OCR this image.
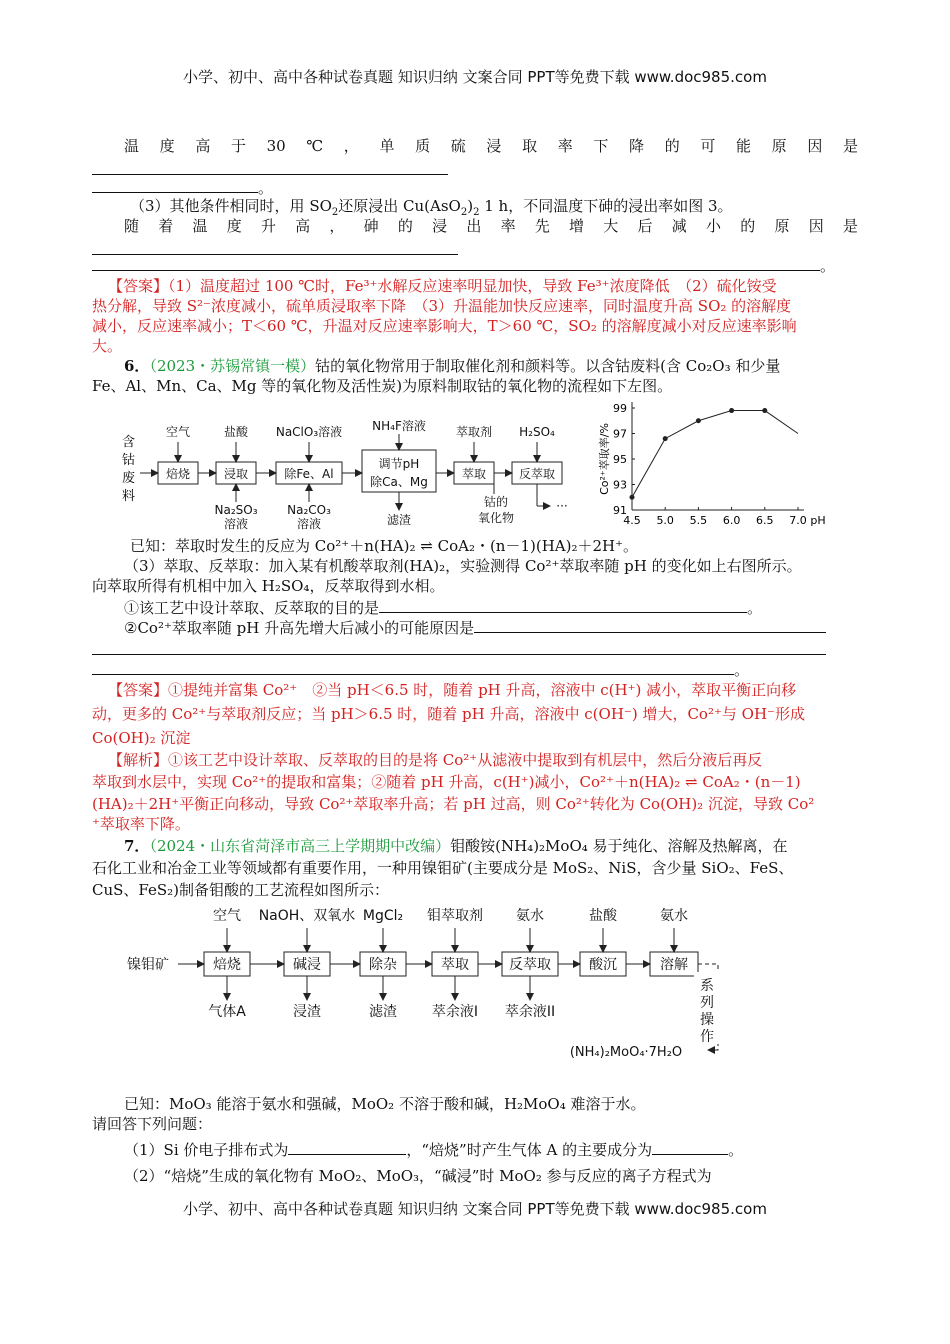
小学、初中、高中各种试卷真题 知识归纳 文案合同 PPT等免费下载 www.doc985.com
温 度 高 于 30 ℃ ， 单 质 硫 浸 取 率 下 降 的 可 能 原 因 是
。
（3）其他条件相同时，用 $SO_2$还原浸出 $Cu(AsO_2)_2$ 1 h，不同温度下砷的浸出率如图 3。
随 着 温 度 升 高 ， 砷 的 浸 出 率 先 增 大 后 减 小 的 原 因 是
。
【答案】（1）温度超过 100 ℃时，Fe³⁺水解反应速率明显加快，导致 Fe³⁺浓度降低　（2）硫化铵受
热分解，导致 S²⁻浓度减小，硫单质浸取率下降　（3）升温能加快反应速率，同时温度升高 SO₂ 的溶解度
减小，反应速率减小；T＜60 ℃，升温对反应速率影响大，T＞60 ℃，SO₂ 的溶解度减小对反应速率影响
大。
6．（2023・苏锡常镇一模）钴的氧化物常用于制取催化剂和颜料等。以含钴废料(含 Co₂O₃ 和少量
Fe、Al、Mn、Ca、Mg 等的氧化物及活性炭)为原料制取钴的氧化物的流程如下左图。
含
钴
废
料
焙烧	浸取	除Fe、Al
调节pH
除Ca、Mg
萃取	反萃取
空气	盐酸 NaClO₃溶液 NH₄F溶液	萃取剂 H₂SO₄
Na₂SO₃
溶液
Na₂CO₃
溶液	滤渣
钴的
氧化物
···
4.5 5.0 5.5 6.0 6.5 7.0 pH
91
93
95
97
99
Co²⁺萃取率/%
已知：萃取时发生的反应为 Co²⁺＋n(HA)₂ ⇌ CoA₂・(n－1)(HA)₂＋2H⁺。
（3）萃取、反萃取：加入某有机酸萃取剂(HA)₂，实验测得 Co²⁺萃取率随 pH 的变化如上右图所示。
向萃取所得有机相中加入 H₂SO₄，反萃取得到水相。
①该工艺中设计萃取、反萃取的目的是	。
②Co²⁺萃取率随 pH 升高先增大后减小的可能原因是
。
【答案】①提纯并富集 Co²⁺　②当 pH＜6.5 时，随着 pH 升高，溶液中 c(H⁺) 减小，萃取平衡正向移
动，更多的 Co²⁺与萃取剂反应；当 pH＞6.5 时，随着 pH 升高，溶液中 c(OH⁻) 增大，Co²⁺与 OH⁻形成
Co(OH)₂ 沉淀
【解析】①该工艺中设计萃取、反萃取的目的是将 Co²⁺从滤液中提取到有机层中，然后分液后再反
萃取到水层中，实现 Co²⁺的提取和富集；②随着 pH 升高，c(H⁺)减小，Co²⁺＋n(HA)₂ ⇌ CoA₂・(n－1)
(HA)₂＋2H⁺平衡正向移动，导致 Co²⁺萃取率升高；若 pH 过高，则 Co²⁺转化为 Co(OH)₂ 沉淀，导致 Co²
⁺萃取率下降。
7．（2024・山东省菏泽市高三上学期期中改编）钼酸铵(NH₄)₂MoO₄ 易于纯化、溶解及热解离，在
石化工业和冶金工业等领域都有重要作用，一种用镍钼矿(主要成分是 MoS₂、NiS，含少量 SiO₂、FeS、
CuS、FeS₂)制备钼酸的工艺流程如图所示：
镍钼矿	焙烧	碱浸	除杂	萃取	反萃取	酸沉	溶解
空气 NaOH、双氧水 MgCl₂ 钼萃取剂 氨水	盐酸	氨水
气体A	浸渣	滤渣 萃余液I 萃余液II
(NH₄)₂MoO₄·7H₂O
系
列
操
作
已知：MoO₃ 能溶于氨水和强碱，MoO₂ 不溶于酸和碱，H₂MoO₄ 难溶于水。
请回答下列问题：
（1）Si 价电子排布式为	，“焙烧”时产生气体 A 的主要成分为	。
（2）“焙烧”生成的氧化物有 MoO₂、MoO₃，“碱浸”时 MoO₂ 参与反应的离子方程式为
小学、初中、高中各种试卷真题 知识归纳 文案合同 PPT等免费下载 www.doc985.com
